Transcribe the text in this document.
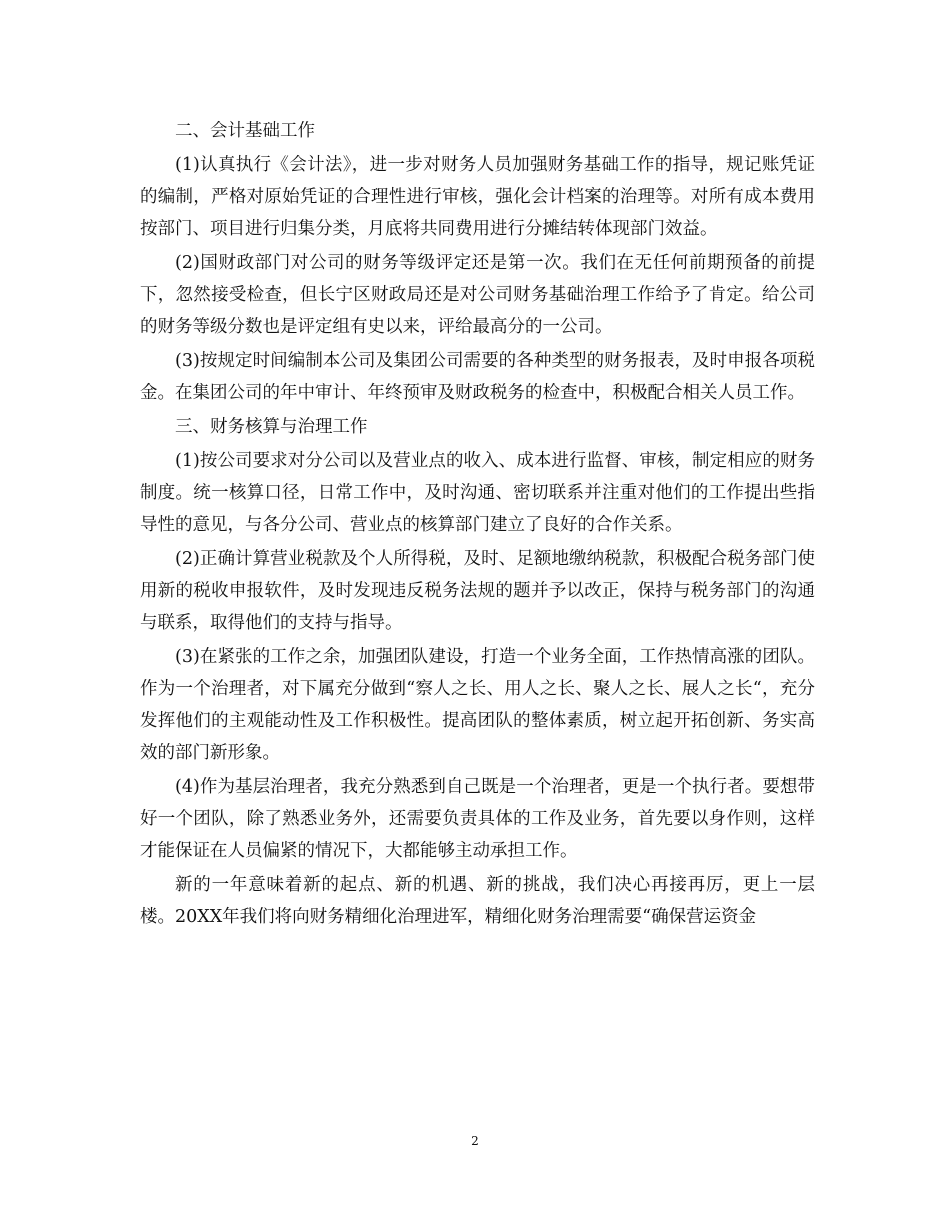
二、会计基础工作

(1)认真执行《会计法》，进一步对财务人员加强财务基础工作的指导，规记账凭证的编制，严格对原始凭证的合理性进行审核，强化会计档案的治理等。对所有成本费用按部门、项目进行归集分类，月底将共同费用进行分摊结转体现部门效益。

(2)国财政部门对公司的财务等级评定还是第一次。我们在无任何前期预备的前提下，忽然接受检查，但长宁区财政局还是对公司财务基础治理工作给予了肯定。给公司的财务等级分数也是评定组有史以来，评给最高分的一公司。

(3)按规定时间编制本公司及集团公司需要的各种类型的财务报表，及时申报各项税金。在集团公司的年中审计、年终预审及财政税务的检查中，积极配合相关人员工作。

三、财务核算与治理工作

(1)按公司要求对分公司以及营业点的收入、成本进行监督、审核，制定相应的财务制度。统一核算口径，日常工作中，及时沟通、密切联系并注重对他们的工作提出些指导性的意见，与各分公司、营业点的核算部门建立了良好的合作关系。

(2)正确计算营业税款及个人所得税，及时、足额地缴纳税款，积极配合税务部门使用新的税收申报软件，及时发现违反税务法规的题并予以改正，保持与税务部门的沟通与联系，取得他们的支持与指导。

(3)在紧张的工作之余，加强团队建设，打造一个业务全面，工作热情高涨的团队。作为一个治理者，对下属充分做到“察人之长、用人之长、聚人之长、展人之长“，充分发挥他们的主观能动性及工作积极性。提高团队的整体素质，树立起开拓创新、务实高效的部门新形象。

(4)作为基层治理者，我充分熟悉到自己既是一个治理者，更是一个执行者。要想带好一个团队，除了熟悉业务外，还需要负责具体的工作及业务，首先要以身作则，这样才能保证在人员偏紧的情况下，大都能够主动承担工作。

新的一年意味着新的起点、新的机遇、新的挑战，我们决心再接再厉，更上一层楼。20XX年我们将向财务精细化治理进军，精细化财务治理需要“确保营运资金

2
